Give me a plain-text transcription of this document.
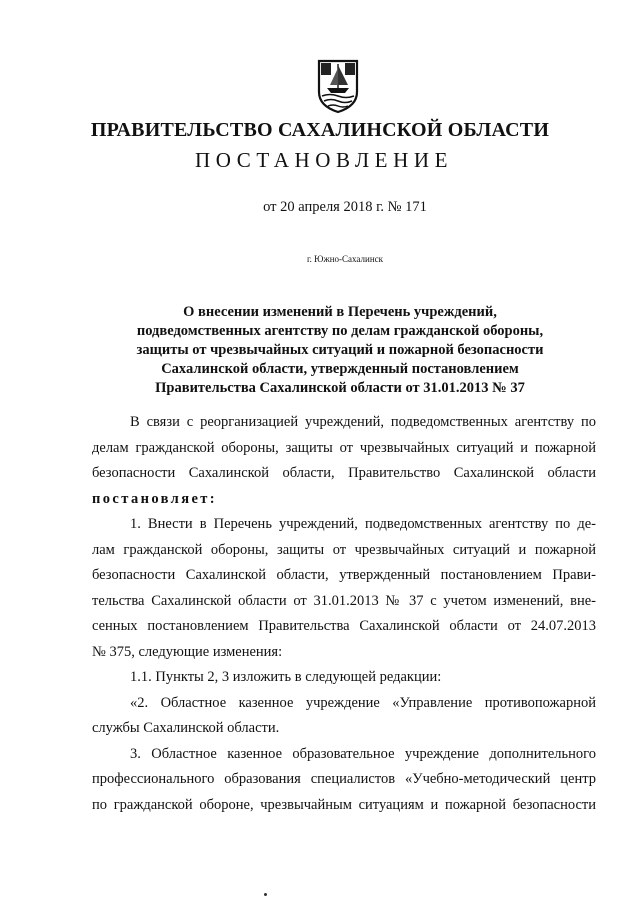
ПРАВИТЕЛЬСТВО САХАЛИНСКОЙ ОБЛАСТИ
ПОСТАНОВЛЕНИЕ
от 20 апреля 2018 г. № 171
г. Южно-Сахалинск
О внесении изменений в Перечень учреждений,
подведомственных агентству по делам гражданской обороны,
защиты от чрезвычайных ситуаций и пожарной безопасности
Сахалинской области, утвержденный постановлением
Правительства Сахалинской области от 31.01.2013 № 37
В связи с реорганизацией учреждений, подведомственных агентству по
делам гражданской обороны, защиты от чрезвычайных ситуаций и пожарной
безопасности Сахалинской области, Правительство Сахалинской области
постановляет:
1. Внести в Перечень учреждений, подведомственных агентству по де-
лам гражданской обороны, защиты от чрезвычайных ситуаций и пожарной
безопасности Сахалинской области, утвержденный постановлением Прави-
тельства Сахалинской области от 31.01.2013 № 37 с учетом изменений, вне-
сенных постановлением Правительства Сахалинской области от 24.07.2013
№ 375, следующие изменения:
1.1. Пункты 2, 3 изложить в следующей редакции:
«2. Областное казенное учреждение «Управление противопожарной
службы Сахалинской области.
3. Областное казенное образовательное учреждение дополнительного
профессионального образования специалистов «Учебно-методический центр
по гражданской обороне, чрезвычайным ситуациям и пожарной безопасности
